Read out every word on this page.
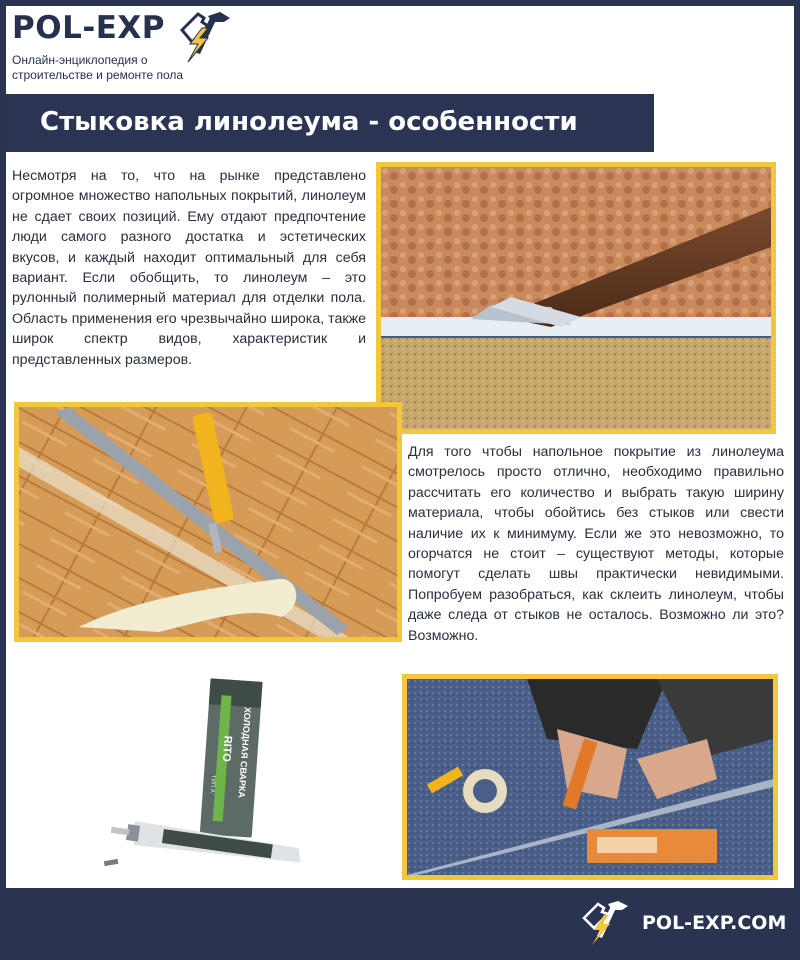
POL-EXP
Онлайн-энциклопедия о строительстве и ремонте пола
Стыковка линолеума - особенности
Несмотря на то, что на рынке представлено огромное множество напольных покрытий, линолеум не сдает своих позиций. Ему отдают предпочтение люди самого разного достатка и эстетических вкусов, и каждый находит оптимальный для себя вариант. Если обобщить, то линолеум – это рулонный полимерный материал для отделки пола. Область применения его чрезвычайно широка, также широк спектр видов, характеристик и представленных размеров.
Для того чтобы напольное покрытие из линолеума смотрелось просто отлично, необходимо правильно рассчитать его количество и выбрать такую ширину материала, чтобы обойтись без стыков или свести наличие их к минимуму. Если же это невозможно, то огорчатся не стоит – существуют методы, которые помогут сделать швы практически невидимыми. Попробуем разобраться, как склеить линолеум, чтобы даже следа от стыков не осталось. Возможно ли это? Возможно.
RITO ХОЛОДНАЯ СВАРКА
ТИП А
POL-EXP.COM
